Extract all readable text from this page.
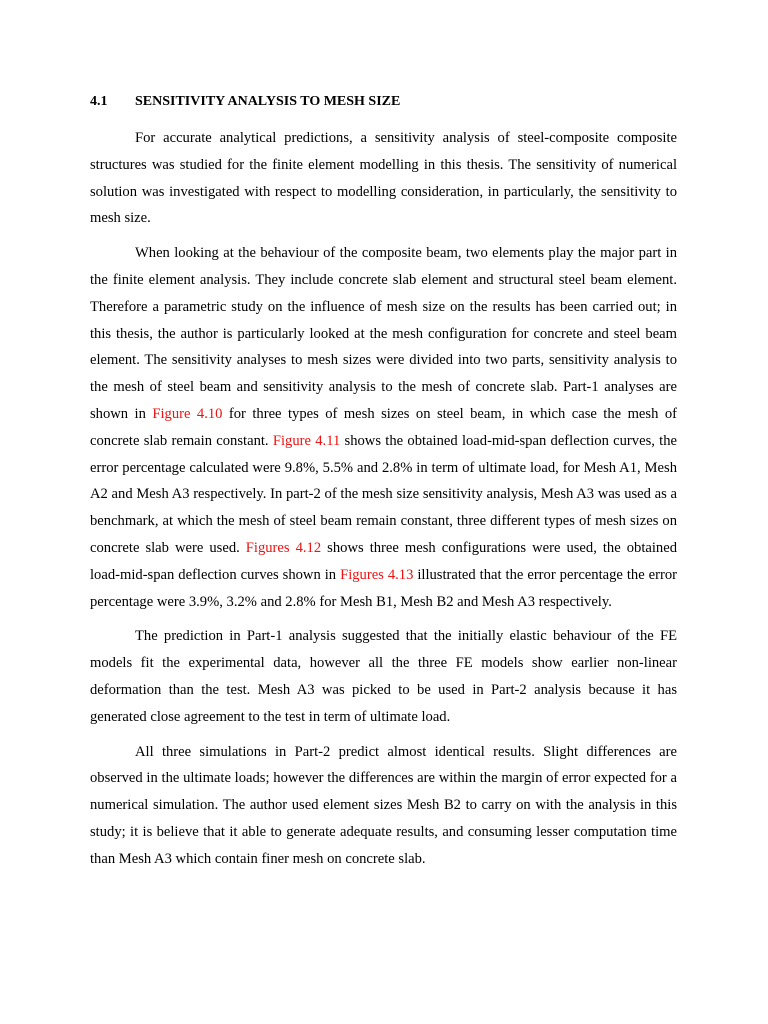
4.1 SENSITIVITY ANALYSIS TO MESH SIZE

For accurate analytical predictions, a sensitivity analysis of steel-composite composite structures was studied for the finite element modelling in this thesis. The sensitivity of numerical solution was investigated with respect to modelling consideration, in particularly, the sensitivity to mesh size.

When looking at the behaviour of the composite beam, two elements play the major part in the finite element analysis. They include concrete slab element and structural steel beam element. Therefore a parametric study on the influence of mesh size on the results has been carried out; in this thesis, the author is particularly looked at the mesh configuration for concrete and steel beam element. The sensitivity analyses to mesh sizes were divided into two parts, sensitivity analysis to the mesh of steel beam and sensitivity analysis to the mesh of concrete slab. Part-1 analyses are shown in Figure 4.10 for three types of mesh sizes on steel beam, in which case the mesh of concrete slab remain constant. Figure 4.11 shows the obtained load-mid-span deflection curves, the error percentage calculated were 9.8%, 5.5% and 2.8% in term of ultimate load, for Mesh A1, Mesh A2 and Mesh A3 respectively. In part-2 of the mesh size sensitivity analysis, Mesh A3 was used as a benchmark, at which the mesh of steel beam remain constant, three different types of mesh sizes on concrete slab were used. Figures 4.12 shows three mesh configurations were used, the obtained load-mid-span deflection curves shown in Figures 4.13 illustrated that the error percentage the error percentage were 3.9%, 3.2% and 2.8% for Mesh B1, Mesh B2 and Mesh A3 respectively.

The prediction in Part-1 analysis suggested that the initially elastic behaviour of the FE models fit the experimental data, however all the three FE models show earlier non-linear deformation than the test. Mesh A3 was picked to be used in Part-2 analysis because it has generated close agreement to the test in term of ultimate load.

All three simulations in Part-2 predict almost identical results. Slight differences are observed in the ultimate loads; however the differences are within the margin of error expected for a numerical simulation. The author used element sizes Mesh B2 to carry on with the analysis in this study; it is believe that it able to generate adequate results, and consuming lesser computation time than Mesh A3 which contain finer mesh on concrete slab.
